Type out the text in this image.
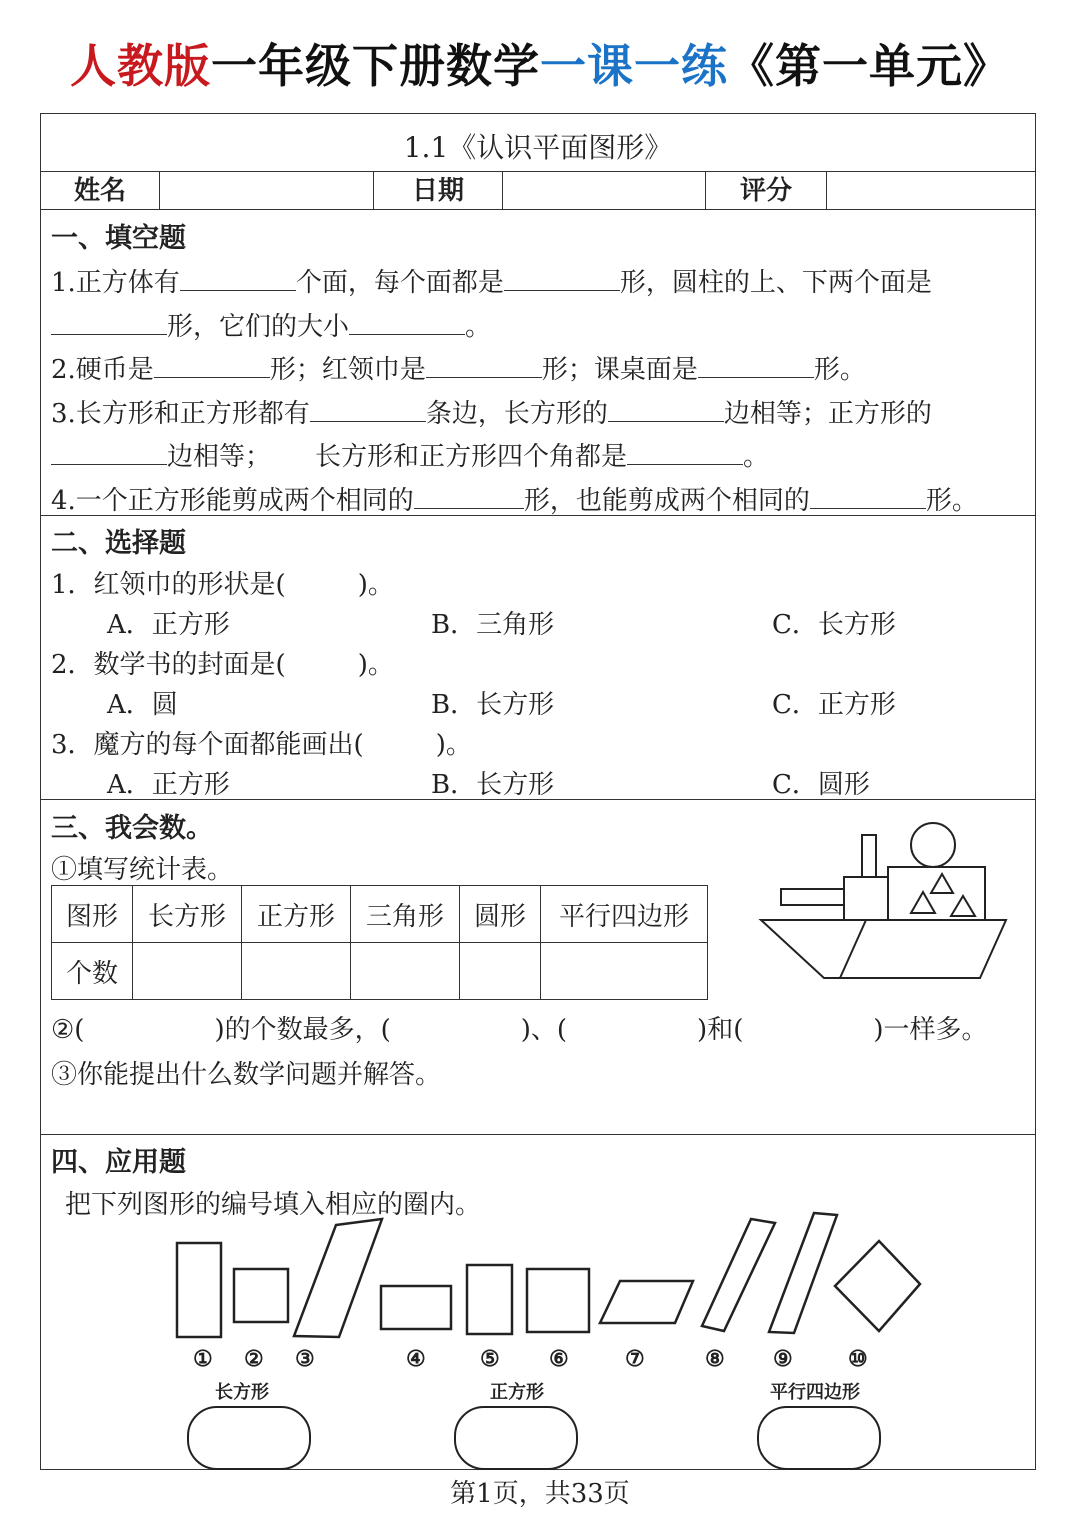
人教版一年级下册数学一课一练《第一单元》
1.1《认识平面图形》
姓名	日期	评分
一、填空题
1.正方体有	个面，每个面都是	形，圆柱的上、下两个面是
形，它们的大小	。
2.硬币是	形；红领巾是	形；课桌面是	形。
3.长方形和正方形都有	条边，长方形的	边相等；正方形的
边相等； 长方形和正方形四个角都是	。
4.一个正方形能剪成两个相同的	形，也能剪成两个相同的	形。
二、选择题
1．红领巾的形状是(	)。
A．正方形	B．三角形	C．长方形
2．数学书的封面是(	)。
A．圆	B．长方形	C．正方形
3．魔方的每个面都能画出(	)。
A．正方形	B．长方形	C．圆形
三、我会数。
①填写统计表。
图形	长方形	正方形	三角形	圆形	平行四边形
个数					
②(	)的个数最多，(	)、(	)和(	)一样多。
③你能提出什么数学问题并解答。
四、应用题
把下列图形的编号填入相应的圈内。
① ② ③	④ ⑤ ⑥	⑦	⑧ ⑨	⑩
长方形	正方形	平行四边形
第1页，共33页
